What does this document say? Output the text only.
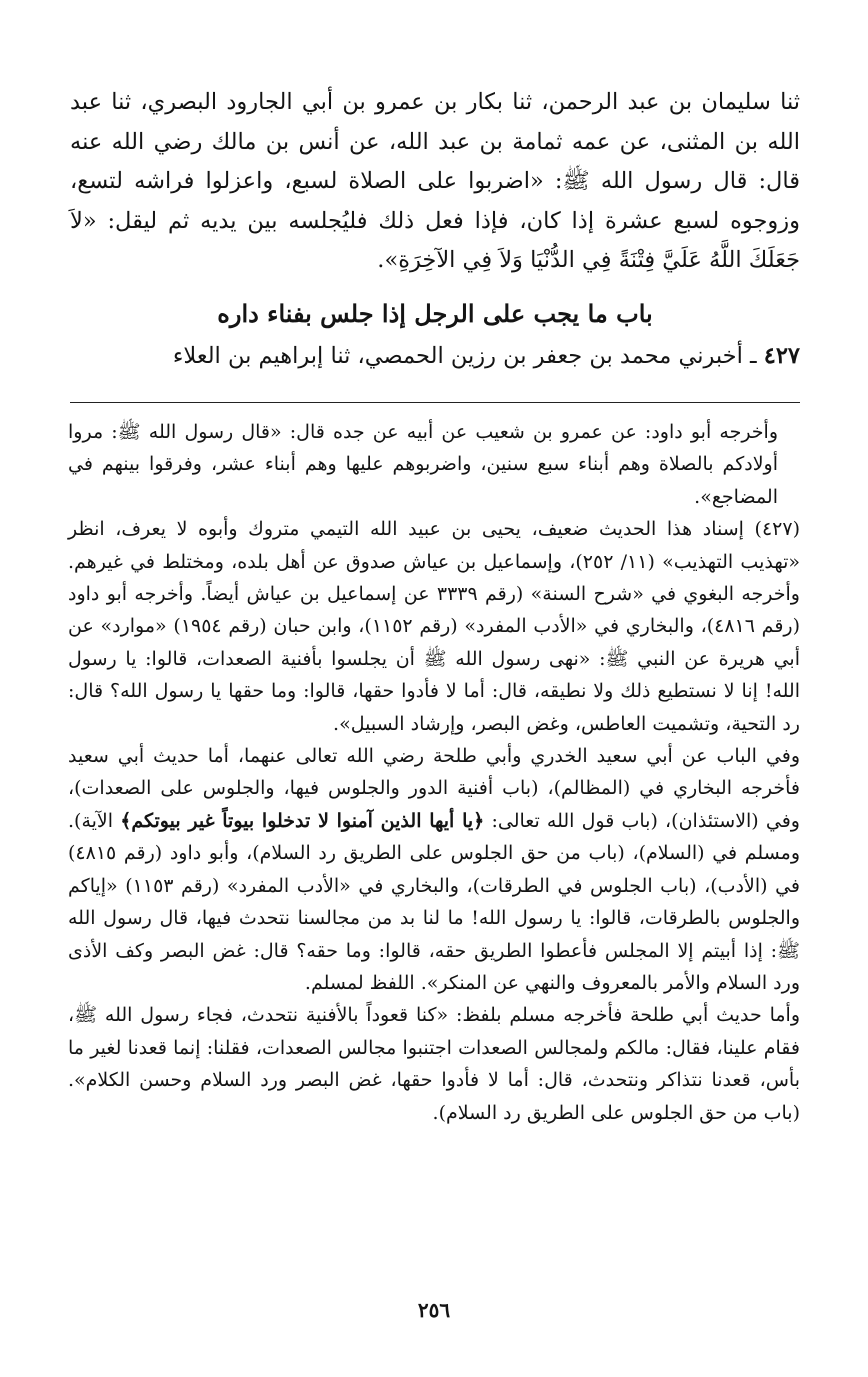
ثنا سليمان بن عبد الرحمن، ثنا بكار بن عمرو بن أبي الجارود البصري، ثنا عبد الله بن المثنى، عن عمه ثمامة بن عبد الله، عن أنس بن مالك رضي الله عنه قال: قال رسول الله ﷺ: «اضربوا على الصلاة لسبع، واعزلوا فراشه لتسع، وزوجوه لسبع عشرة إذا كان، فإذا فعل ذلك فليُجلسه بين يديه ثم ليقل: «لاَ جَعَلَكَ اللَّهُ عَلَيَّ فِتْنَةً فِي الدُّنْيَا وَلاَ فِي الآخِرَةِ».

باب ما يجب على الرجل إذا جلس بفناء داره

٤٢٧ ـ أخبرني محمد بن جعفر بن رزين الحمصي، ثنا إبراهيم بن العلاء

وأخرجه أبو داود: عن عمرو بن شعيب عن أبيه عن جده قال: «قال رسول الله ﷺ: مروا أولادكم بالصلاة وهم أبناء سبع سنين، واضربوهم عليها وهم أبناء عشر، وفرقوا بينهم في المضاجع».

(٤٢٧) إسناد هذا الحديث ضعيف، يحيى بن عبيد الله التيمي متروك وأبوه لا يعرف، انظر «تهذيب التهذيب» (١١/ ٢٥٢)، وإسماعيل بن عياش صدوق عن أهل بلده، ومختلط في غيرهم. وأخرجه البغوي في «شرح السنة» (رقم ٣٣٣٩ عن إسماعيل بن عياش أيضاً. وأخرجه أبو داود (رقم ٤٨١٦)، والبخاري في «الأدب المفرد» (رقم ١١٥٢)، وابن حبان (رقم ١٩٥٤) «موارد» عن أبي هريرة عن النبي ﷺ: «نهى رسول الله ﷺ أن يجلسوا بأفنية الصعدات، قالوا: يا رسول الله! إنا لا نستطيع ذلك ولا نطيقه، قال: أما لا فأدوا حقها، قالوا: وما حقها يا رسول الله؟ قال: رد التحية، وتشميت العاطس، وغض البصر، وإرشاد السبيل».

وفي الباب عن أبي سعيد الخدري وأبي طلحة رضي الله تعالى عنهما، أما حديث أبي سعيد فأخرجه البخاري في (المظالم)، (باب أفنية الدور والجلوس فيها، والجلوس على الصعدات)، وفي (الاستئذان)، (باب قول الله تعالى: ﴿يا أيها الذين آمنوا لا تدخلوا بيوتاً غير بيوتكم﴾ الآية). ومسلم في (السلام)، (باب من حق الجلوس على الطريق رد السلام)، وأبو داود (رقم ٤٨١٥) في (الأدب)، (باب الجلوس في الطرقات)، والبخاري في «الأدب المفرد» (رقم ١١٥٣) «إياكم والجلوس بالطرقات، قالوا: يا رسول الله! ما لنا بد من مجالسنا نتحدث فيها، قال رسول الله ﷺ: إذا أبيتم إلا المجلس فأعطوا الطريق حقه، قالوا: وما حقه؟ قال: غض البصر وكف الأذى ورد السلام والأمر بالمعروف والنهي عن المنكر». اللفظ لمسلم.

وأما حديث أبي طلحة فأخرجه مسلم بلفظ: «كنا قعوداً بالأفنية نتحدث، فجاء رسول الله ﷺ، فقام علينا، فقال: مالكم ولمجالس الصعدات اجتنبوا مجالس الصعدات، فقلنا: إنما قعدنا لغير ما بأس، قعدنا نتذاكر ونتحدث، قال: أما لا فأدوا حقها، غض البصر ورد السلام وحسن الكلام». (باب من حق الجلوس على الطريق رد السلام).

٢٥٦
